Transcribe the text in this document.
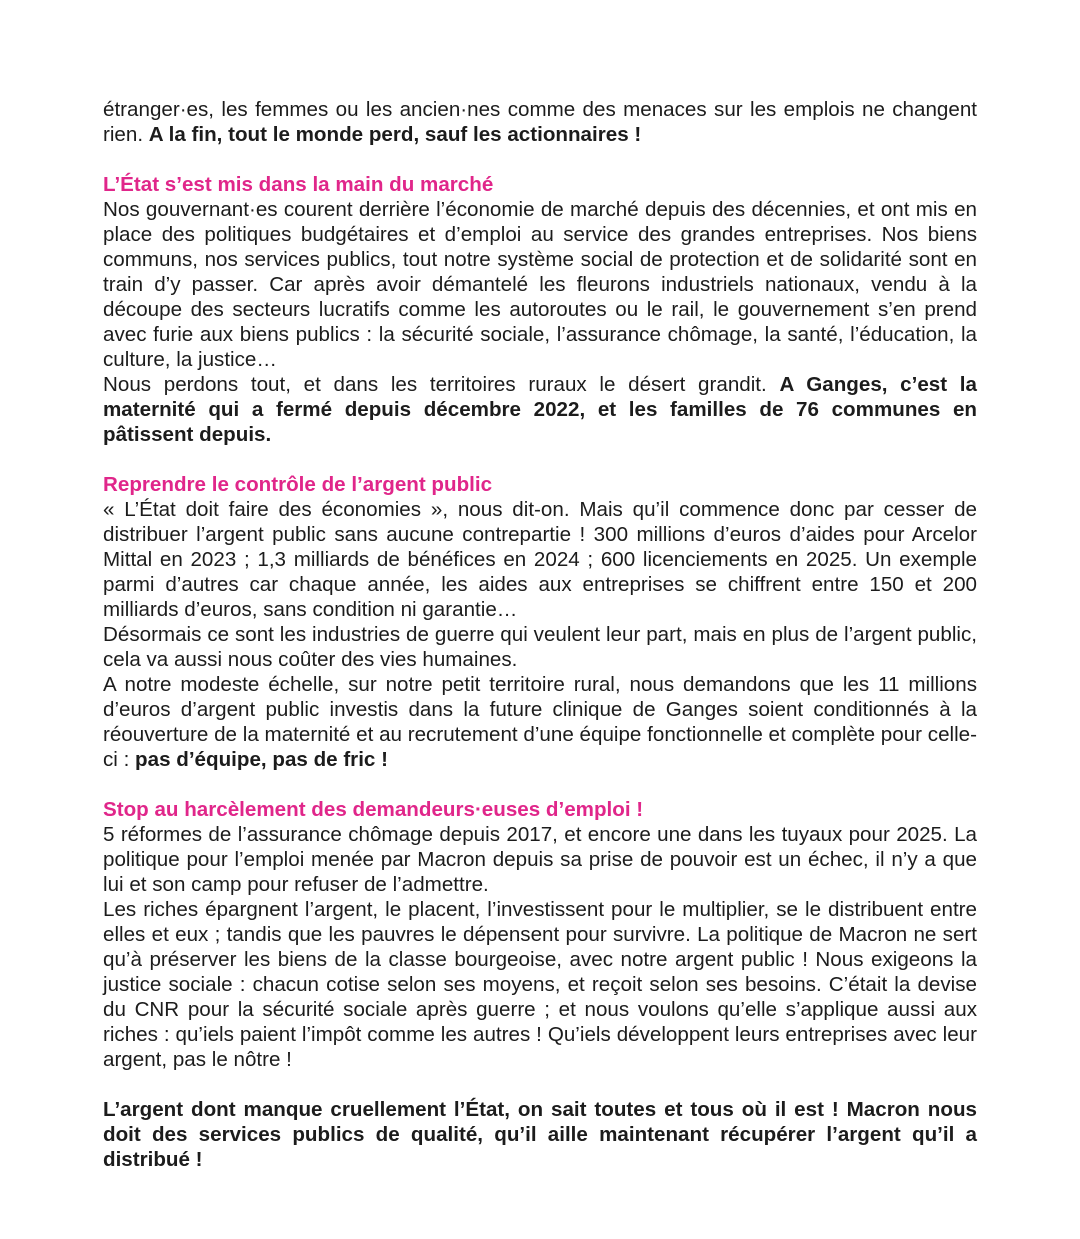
étranger·es, les femmes ou les ancien·nes comme des menaces sur les emplois ne changent rien. A la fin, tout le monde perd, sauf les actionnaires !

L’État s’est mis dans la main du marché

Nos gouvernant·es courent derrière l’économie de marché depuis des décennies, et ont mis en place des politiques budgétaires et d’emploi au service des grandes entreprises. Nos biens communs, nos services publics, tout notre système social de protection et de solidarité sont en train d’y passer. Car après avoir démantelé les fleurons industriels nationaux, vendu à la découpe des secteurs lucratifs comme les autoroutes ou le rail, le gouvernement s’en prend avec furie aux biens publics : la sécurité sociale, l’assurance chômage, la santé, l’éducation, la culture, la justice…

Nous perdons tout, et dans les territoires ruraux le désert grandit. A Ganges, c’est la maternité qui a fermé depuis décembre 2022, et les familles de 76 communes en pâtissent depuis.

Reprendre le contrôle de l’argent public

« L’État doit faire des économies », nous dit-on. Mais qu’il commence donc par cesser de distribuer l’argent public sans aucune contrepartie ! 300 millions d’euros d’aides pour Arcelor Mittal en 2023 ; 1,3 milliards de bénéfices en 2024 ; 600 licenciements en 2025. Un exemple parmi d’autres car chaque année, les aides aux entreprises se chiffrent entre 150 et 200 milliards d’euros, sans condition ni garantie…

Désormais ce sont les industries de guerre qui veulent leur part, mais en plus de l’argent public, cela va aussi nous coûter des vies humaines.

A notre modeste échelle, sur notre petit territoire rural, nous demandons que les 11 millions d’euros d’argent public investis dans la future clinique de Ganges soient conditionnés à la réouverture de la maternité et au recrutement d’une équipe fonctionnelle et complète pour celle-ci : pas d’équipe, pas de fric !

Stop au harcèlement des demandeurs·euses d’emploi !

5 réformes de l’assurance chômage depuis 2017, et encore une dans les tuyaux pour 2025. La politique pour l’emploi menée par Macron depuis sa prise de pouvoir est un échec, il n’y a que lui et son camp pour refuser de l’admettre.

Les riches épargnent l’argent, le placent, l’investissent pour le multiplier, se le distribuent entre elles et eux ; tandis que les pauvres le dépensent pour survivre. La politique de Macron ne sert qu’à préserver les biens de la classe bourgeoise, avec notre argent public ! Nous exigeons la justice sociale : chacun cotise selon ses moyens, et reçoit selon ses besoins. C’était la devise du CNR pour la sécurité sociale après guerre ; et nous voulons qu’elle s’applique aussi aux riches : qu’iels paient l’impôt comme les autres ! Qu’iels développent leurs entreprises avec leur argent, pas le nôtre !

L’argent dont manque cruellement l’État, on sait toutes et tous où il est ! Macron nous doit des services publics de qualité, qu’il aille maintenant récupérer l’argent qu’il a distribué !
